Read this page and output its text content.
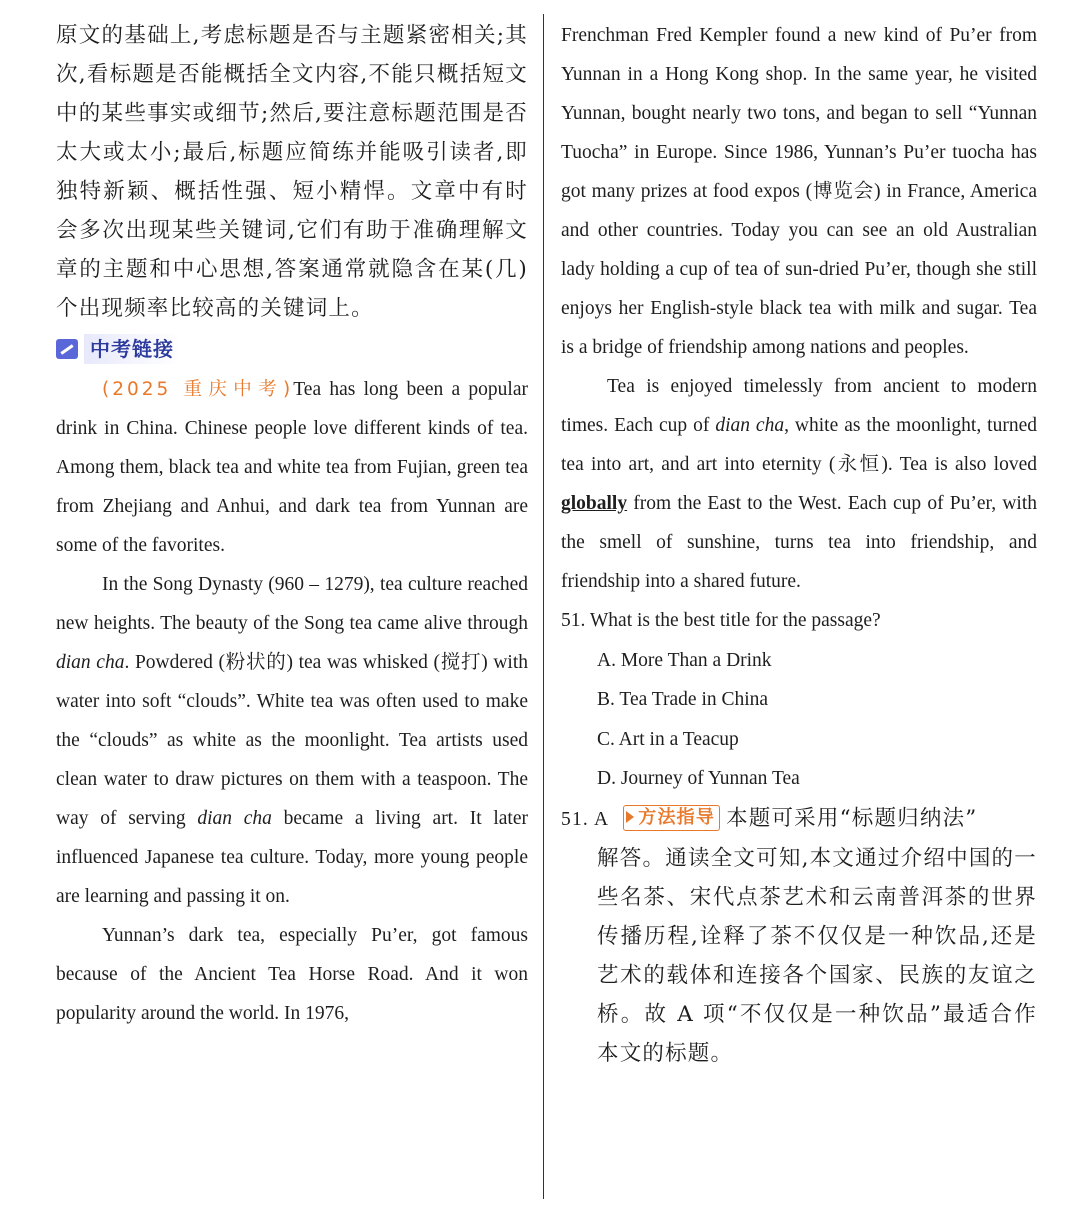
原文的基础上,考虑标题是否与主题紧密相关;其次,看标题是否能概括全文内容,不能只概括短文中的某些事实或细节;然后,要注意标题范围是否太大或太小;最后,标题应简练并能吸引读者,即独特新颖、概括性强、短小精悍。文章中有时会多次出现某些关键词,它们有助于准确理解文章的主题和中心思想,答案通常就隐含在某(几)个出现频率比较高的关键词上。
中考链接
(2025 重庆中考)Tea has long been a popular drink in China. Chinese people love different kinds of tea. Among them, black tea and white tea from Fujian, green tea from Zhejiang and Anhui, and dark tea from Yunnan are some of the favorites.
In the Song Dynasty (960 – 1279), tea culture reached new heights. The beauty of the Song tea came alive through dian cha. Powdered (粉状的) tea was whisked (搅打) with water into soft “clouds”. White tea was often used to make the “clouds” as white as the moonlight. Tea artists used clean water to draw pictures on them with a teaspoon. The way of serving dian cha became a living art. It later influenced Japanese tea culture. Today, more young people are learning and passing it on.
Yunnan’s dark tea, especially Pu’er, got famous because of the Ancient Tea Horse Road. And it won popularity around the world. In 1976,
Frenchman Fred Kempler found a new kind of Pu’er from Yunnan in a Hong Kong shop. In the same year, he visited Yunnan, bought nearly two tons, and began to sell “Yunnan Tuocha” in Europe. Since 1986, Yunnan’s Pu’er tuocha has got many prizes at food expos (博览会) in France, America and other countries. Today you can see an old Australian lady holding a cup of tea of sun-dried Pu’er, though she still enjoys her English-style black tea with milk and sugar. Tea is a bridge of friendship among nations and peoples.
Tea is enjoyed timelessly from ancient to modern times. Each cup of dian cha, white as the moonlight, turned tea into art, and art into eternity (永恒). Tea is also loved globally from the East to the West. Each cup of Pu’er, with the smell of sunshine, turns tea into friendship, and friendship into a shared future.
51. What is the best title for the passage?
A. More Than a Drink
B. Tea Trade in China
C. Art in a Teacup
D. Journey of Yunnan Tea
51. A 方法指导 本题可采用“标题归纳法”
解答。通读全文可知,本文通过介绍中国的一些名茶、宋代点茶艺术和云南普洱茶的世界传播历程,诠释了茶不仅仅是一种饮品,还是艺术的载体和连接各个国家、民族的友谊之桥。故 A 项“不仅仅是一种饮品”最适合作本文的标题。
